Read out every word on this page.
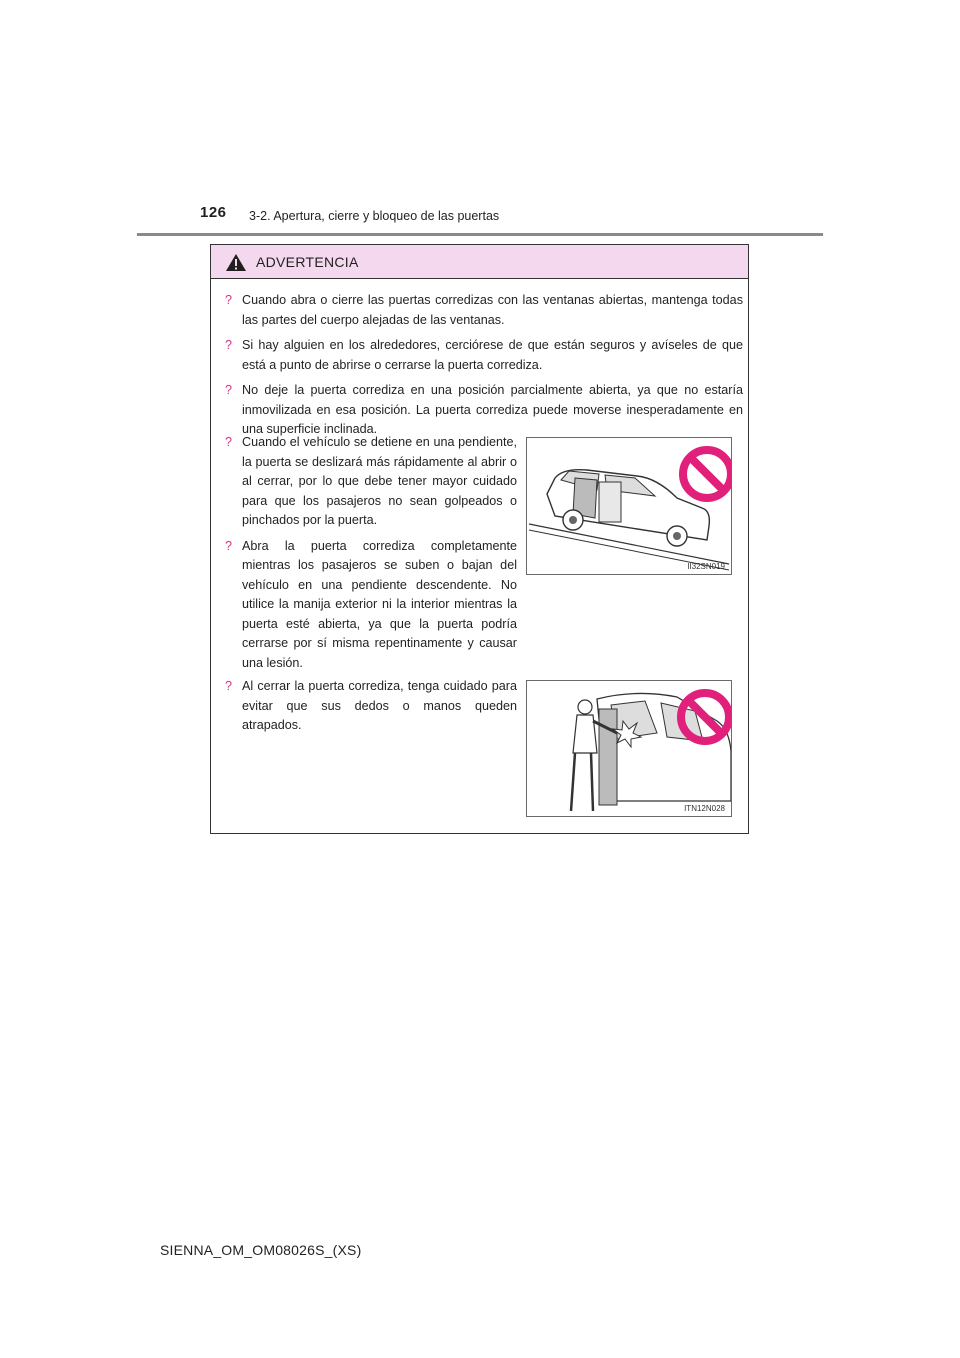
126 3-2. Apertura, cierre y bloqueo de las puertas
ADVERTENCIA
? Cuando abra o cierre las puertas corredizas con las ventanas abiertas, mantenga todas las partes del cuerpo alejadas de las ventanas.
? Si hay alguien en los alrededores, cerciórese de que están seguros y avíseles de que está a punto de abrirse o cerrarse la puerta corrediza.
? No deje la puerta corrediza en una posición parcialmente abierta, ya que no estaría inmovilizada en esa posición. La puerta corrediza puede moverse inesperadamente en una superficie inclinada.
? Cuando el vehículo se detiene en una pendiente, la puerta se deslizará más rápidamente al abrir o al cerrar, por lo que debe tener mayor cuidado para que los pasajeros no sean golpeados o pinchados por la puerta.
? Abra la puerta corrediza completamente mientras los pasajeros se suben o bajan del vehículo en una pendiente descendente. No utilice la manija exterior ni la interior mientras la puerta esté abierta, ya que la puerta podría cerrarse por sí misma repentinamente y causar una lesión.
II32SN019
? Al cerrar la puerta corrediza, tenga cuidado para evitar que sus dedos o manos queden atrapados.
ITN12N028
SIENNA_OM_OM08026S_(XS)
